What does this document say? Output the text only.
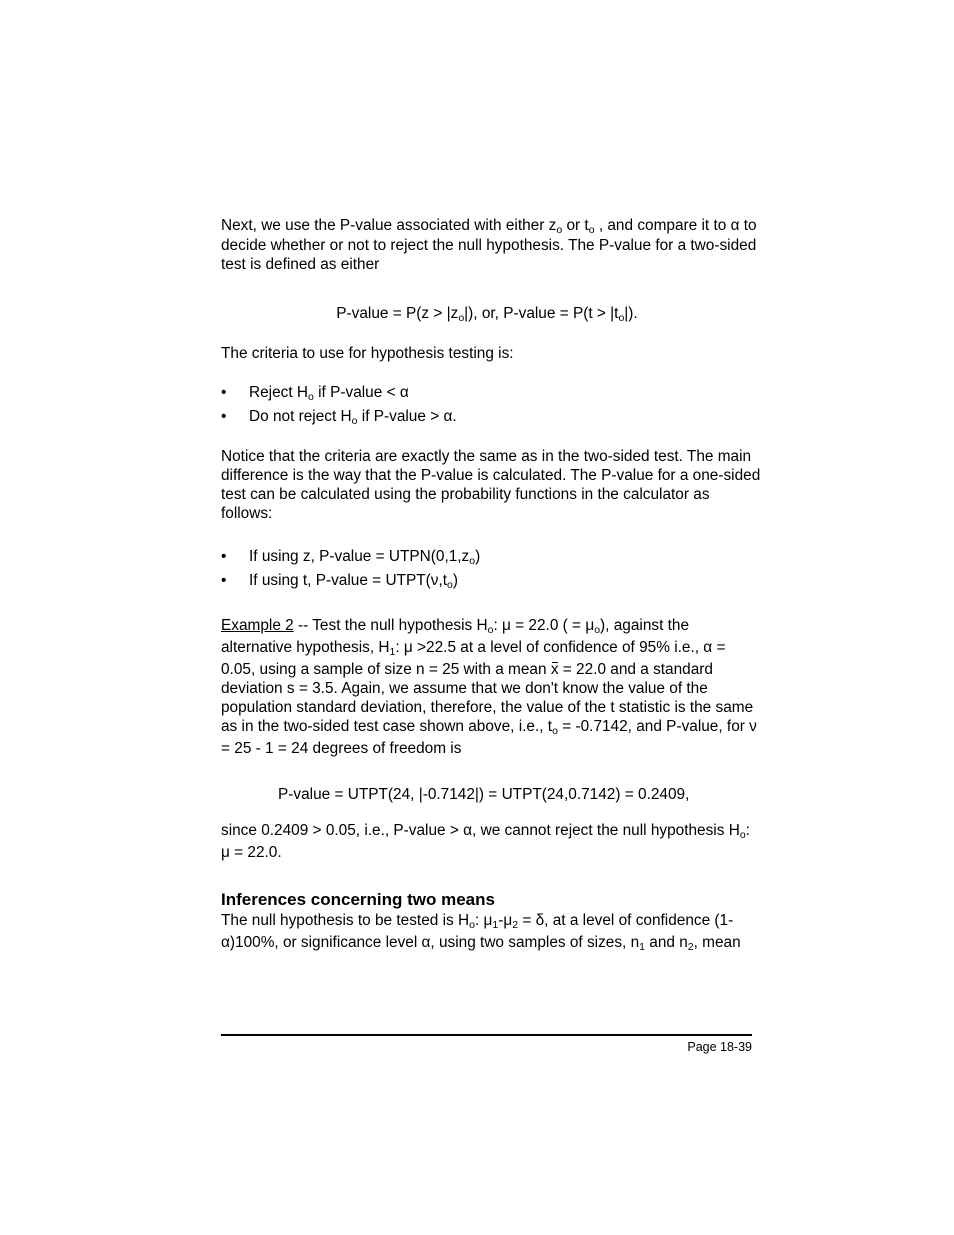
Next, we use the P-value associated with either $z_o$ or $t_o$ , and compare it to α to
decide whether or not to reject the null hypothesis. The P-value for a two-sided
test is defined as either
P-value = $P(z > |z_o|)$, or, P-value = $P(t > |t_o|)$.
The criteria to use for hypothesis testing is:
• Reject $H_o$ if P-value < α
• Do not reject $H_o$ if P-value > α.
Notice that the criteria are exactly the same as in the two-sided test. The main
difference is the way that the P-value is calculated. The P-value for a one-sided
test can be calculated using the probability functions in the calculator as
follows:
• If using z, P-value = $UTPN(0,1,z_o)$
• If using t, P-value = $UTPT(\nu,t_o)$
Example 2 -- Test the null hypothesis $H_o$: μ = 22.0 ( = $\mu_o$), against the
alternative hypothesis, $H_1$: μ >22.5 at a level of confidence of 95% i.e., α =
0.05, using a sample of size n = 25 with a mean x = 22.0 and a standard
deviation s = 3.5. Again, we assume that we don't know the value of the
population standard deviation, therefore, the value of the t statistic is the same
as in the two-sided test case shown above, i.e., $t_o = -0.7142$, and P-value, for ν
= 25 - 1 = 24 degrees of freedom is
P-value = UTPT(24, |-0.7142|) = UTPT(24,0.7142) = 0.2409,
since 0.2409 > 0.05, i.e., P-value > α, we cannot reject the null hypothesis $H_o$:
μ = 22.0.
Inferences concerning two means
The null hypothesis to be tested is $H_o$: $\mu_1-\mu_2 = \delta$, at a level of confidence (1-
α)100%, or significance level α, using two samples of sizes, $n_1$ and $n_2$, mean
Page 18-39
